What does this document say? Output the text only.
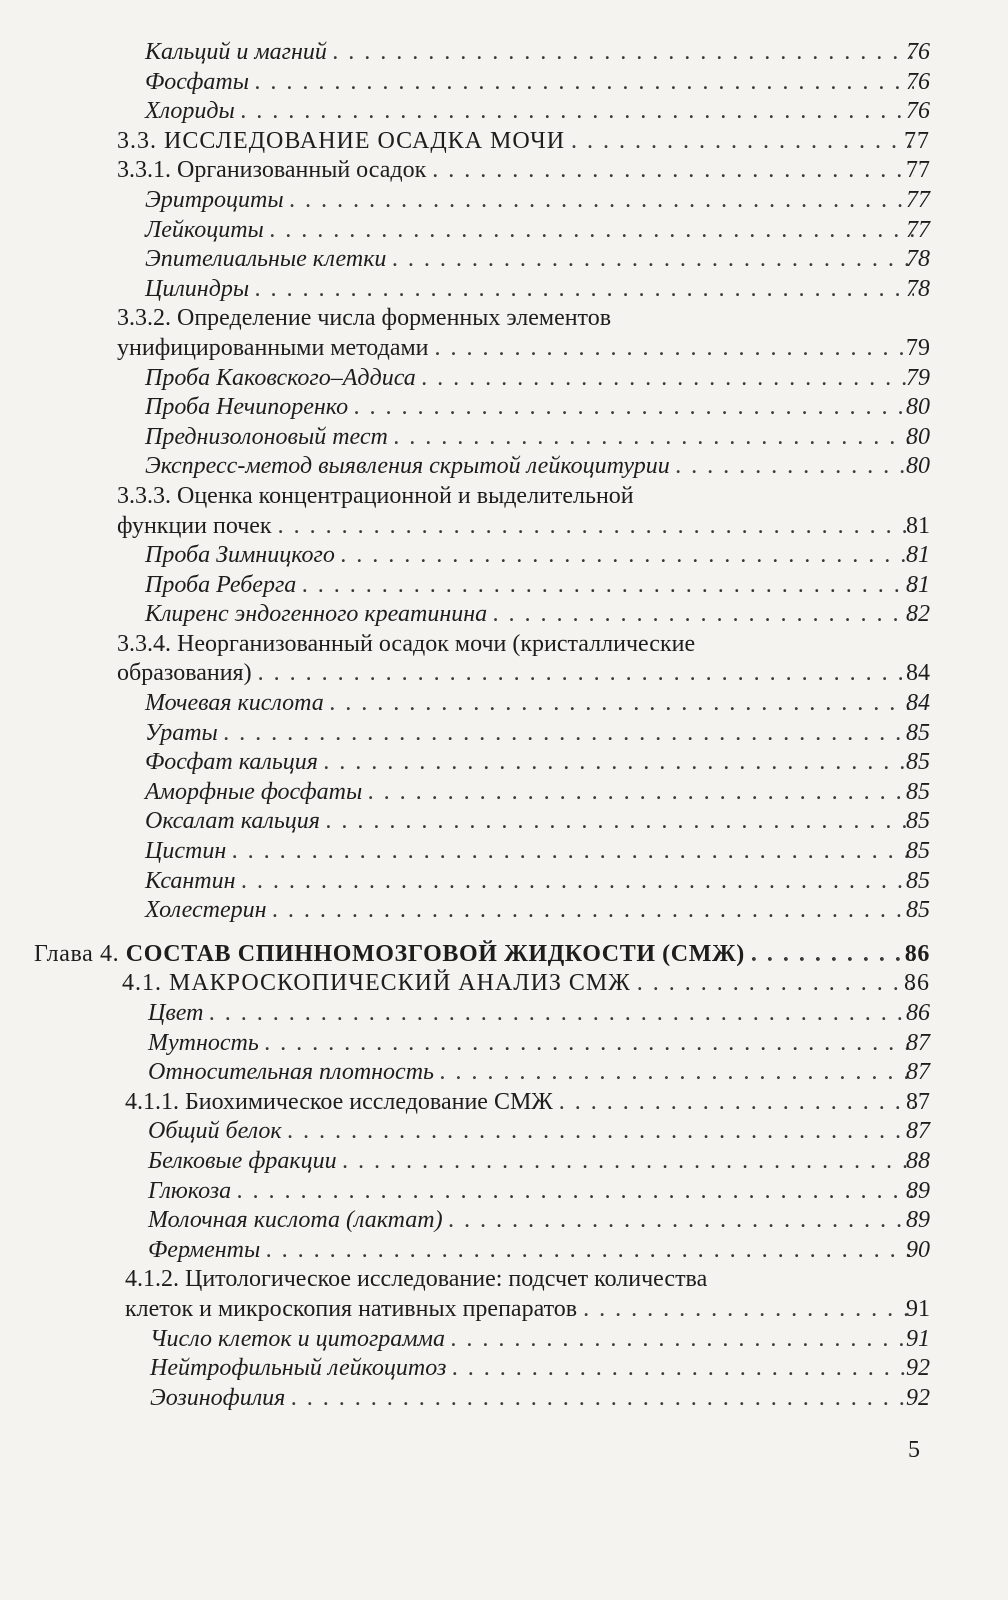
Кальций и магний . . .	76
Фосфаты . . .	76
Хлориды . . .	76
3.3. ИССЛЕДОВАНИЕ ОСАДКА МОЧИ . . .	77
3.3.1. Организованный осадок . . .	77
Эритроциты . . .	77
Лейкоциты . . .	77
Эпителиальные клетки . . .	78
Цилиндры . . .	78
3.3.2. Определение числа форменных элементов
унифицированными методами . . .	79
Проба Каковского–Аддиса . . .	79
Проба Нечипоренко . . .	80
Преднизолоновый тест . . .	80
Экспресс-метод выявления скрытой лейкоцитурии . . .	80
3.3.3. Оценка концентрационной и выделительной
функции почек . . .	81
Проба Зимницкого . . .	81
Проба Реберга . . .	81
Клиренс эндогенного креатинина . . .	82
3.3.4. Неорганизованный осадок мочи (кристаллические
образования) . . .	84
Мочевая кислота . . .	84
Ураты . . .	85
Фосфат кальция . . .	85
Аморфные фосфаты . . .	85
Оксалат кальция . . .	85
Цистин . . .	85
Ксантин . . .	85
Холестерин . . .	85
Глава 4. СОСТАВ СПИННОМОЗГОВОЙ ЖИДКОСТИ (СМЖ) . . .	86
4.1. МАКРОСКОПИЧЕСКИЙ АНАЛИЗ СМЖ . . .	86
Цвет . . .	86
Мутность . . .	87
Относительная плотность . . .	87
4.1.1. Биохимическое исследование СМЖ . . .	87
Общий белок . . .	87
Белковые фракции . . .	88
Глюкоза . . .	89
Молочная кислота (лактат) . . .	89
Ферменты . . .	90
4.1.2. Цитологическое исследование: подсчет количества
клеток и микроскопия нативных препаратов . . .	91
Число клеток и цитограмма . . .	91
Нейтрофильный лейкоцитоз . . .	92
Эозинофилия . . .	92
5
